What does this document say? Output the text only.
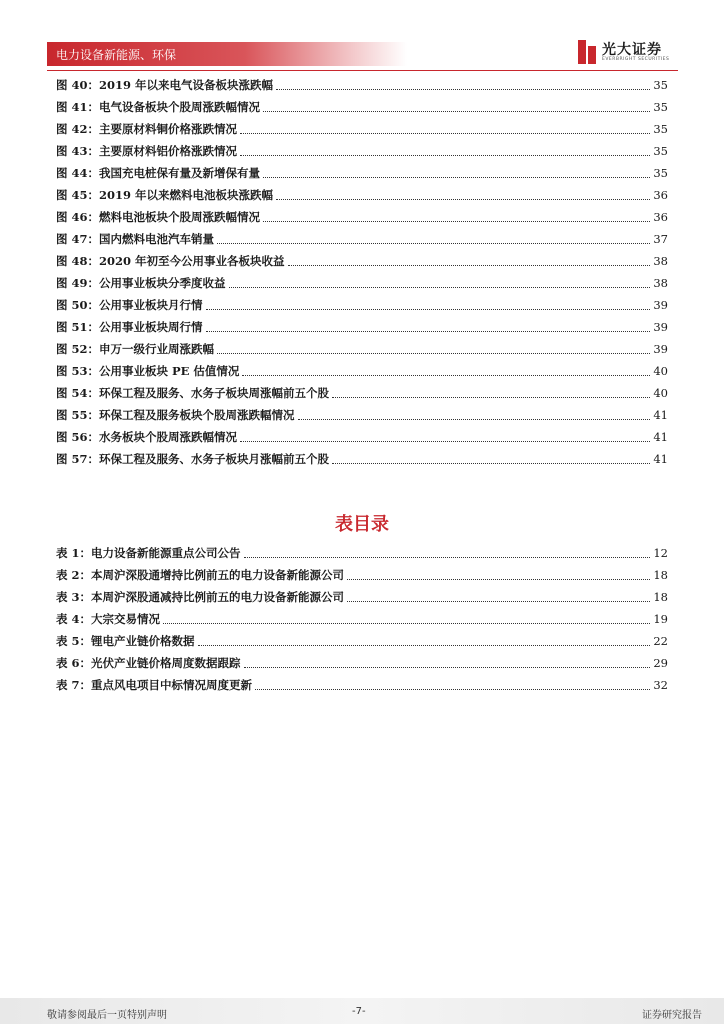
电力设备新能源、环保	光大证券
EVERBRIGHT SECURITIES
图 40： 2019 年以来电气设备板块涨跌幅	35
图 41： 电气设备板块个股周涨跌幅情况	35
图 42： 主要原材料铜价格涨跌情况	35
图 43： 主要原材料铝价格涨跌情况	35
图 44： 我国充电桩保有量及新增保有量	35
图 45： 2019 年以来燃料电池板块涨跌幅	36
图 46： 燃料电池板块个股周涨跌幅情况	36
图 47： 国内燃料电池汽车销量	37
图 48： 2020 年初至今公用事业各板块收益	38
图 49： 公用事业板块分季度收益	38
图 50： 公用事业板块月行情	39
图 51： 公用事业板块周行情	39
图 52： 申万一级行业周涨跌幅	39
图 53： 公用事业板块 PE 估值情况	40
图 54： 环保工程及服务、水务子板块周涨幅前五个股	40
图 55： 环保工程及服务板块个股周涨跌幅情况	41
图 56： 水务板块个股周涨跌幅情况	41
图 57： 环保工程及服务、水务子板块月涨幅前五个股	41
表目录
表 1： 电力设备新能源重点公司公告	12
表 2： 本周沪深股通增持比例前五的电力设备新能源公司	18
表 3： 本周沪深股通减持比例前五的电力设备新能源公司	18
表 4： 大宗交易情况	19
表 5： 锂电产业链价格数据	22
表 6： 光伏产业链价格周度数据跟踪	29
表 7： 重点风电项目中标情况周度更新	32
敬请参阅最后一页特别声明	-7-	证券研究报告
